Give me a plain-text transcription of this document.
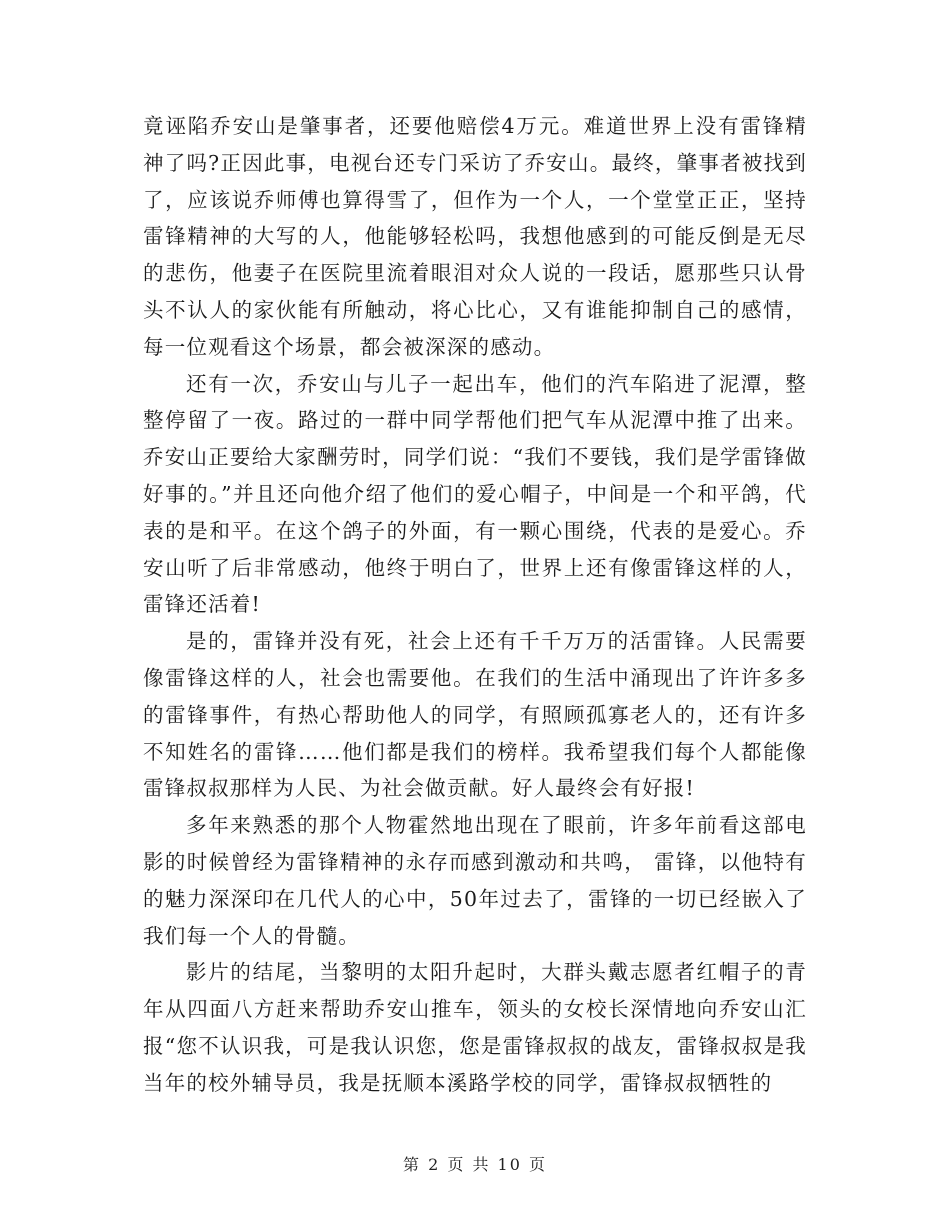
竟诬陷乔安山是肇事者，还要他赔偿4万元。难道世界上没有雷锋精神了吗?正因此事，电视台还专门采访了乔安山。最终，肇事者被找到了，应该说乔师傅也算得雪了，但作为一个人，一个堂堂正正，坚持雷锋精神的大写的人，他能够轻松吗，我想他感到的可能反倒是无尽的悲伤，他妻子在医院里流着眼泪对众人说的一段话，愿那些只认骨头不认人的家伙能有所触动，将心比心，又有谁能抑制自己的感情，每一位观看这个场景，都会被深深的感动。

还有一次，乔安山与儿子一起出车，他们的汽车陷进了泥潭，整整停留了一夜。路过的一群中同学帮他们把气车从泥潭中推了出来。乔安山正要给大家酬劳时，同学们说：“我们不要钱，我们是学雷锋做好事的。”并且还向他介绍了他们的爱心帽子，中间是一个和平鸽，代表的是和平。在这个鸽子的外面，有一颗心围绕，代表的是爱心。乔安山听了后非常感动，他终于明白了，世界上还有像雷锋这样的人，雷锋还活着!

是的，雷锋并没有死，社会上还有千千万万的活雷锋。人民需要像雷锋这样的人，社会也需要他。在我们的生活中涌现出了许许多多的雷锋事件，有热心帮助他人的同学，有照顾孤寡老人的，还有许多不知姓名的雷锋……他们都是我们的榜样。我希望我们每个人都能像雷锋叔叔那样为人民、为社会做贡献。好人最终会有好报!

多年来熟悉的那个人物霍然地出现在了眼前，许多年前看这部电影的时候曾经为雷锋精神的永存而感到激动和共鸣， 雷锋，以他特有的魅力深深印在几代人的心中，50年过去了，雷锋的一切已经嵌入了我们每一个人的骨髓。

影片的结尾，当黎明的太阳升起时，大群头戴志愿者红帽子的青年从四面八方赶来帮助乔安山推车，领头的女校长深情地向乔安山汇报“您不认识我，可是我认识您，您是雷锋叔叔的战友，雷锋叔叔是我当年的校外辅导员，我是抚顺本溪路学校的同学，雷锋叔叔牺牲的

第 2 页 共 10 页
